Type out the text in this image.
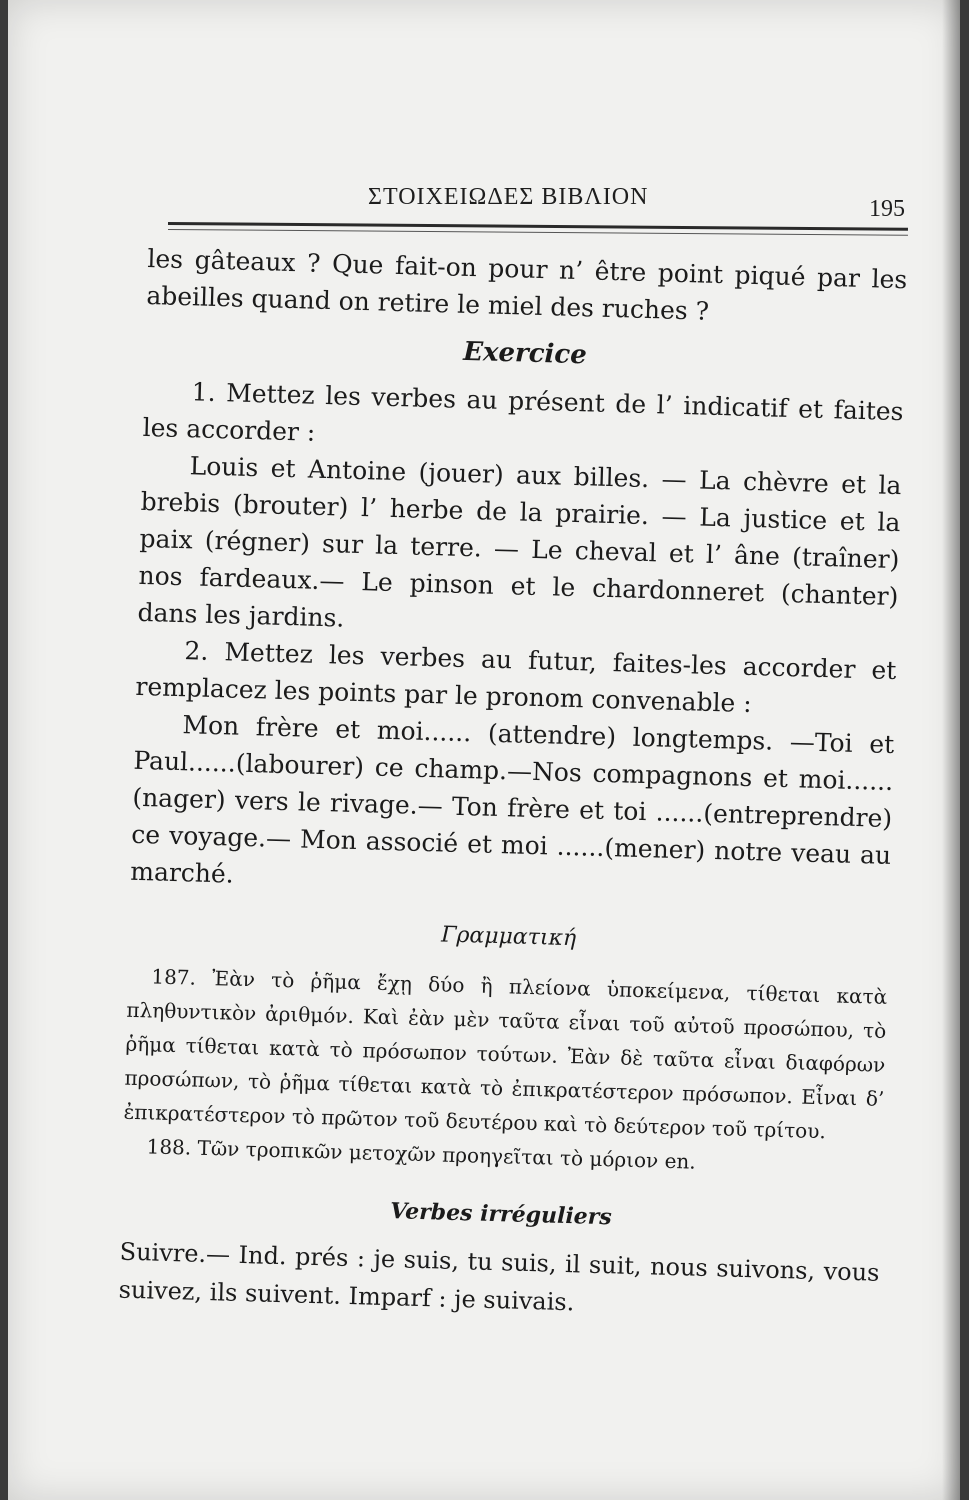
ΣΤΟΙΧΕΙΩΔΕΣ ΒΙΒΛΙΟΝ	195

les gâteaux ? Que fait-on pour n’ être point piqué par les abeilles quand on retire le miel des ruches ?

Exercice

1. Mettez les verbes au présent de l’ indicatif et faites les accorder :

Louis et Antoine (jouer) aux billes. — La chèvre et la brebis (brouter) l’ herbe de la prairie. — La justice et la paix (régner) sur la terre. — Le cheval et l’ âne (traîner) nos fardeaux.— Le pinson et le chardonneret (chanter) dans les jardins.

2. Mettez les verbes au futur, faites-les accorder et remplacez les points par le pronom convenable :

Mon frère et moi...... (attendre) longtemps. —Toi et Paul......(labourer) ce champ.—Nos compagnons et moi......(nager) vers le rivage.— Ton frère et toi ......(entreprendre) ce voyage.— Mon associé et moi ......(mener) notre veau au marché.

Γραμματική

187. Ἐὰν τὸ ῥῆμα ἔχῃ δύο ἢ πλείονα ὑποκείμενα, τίθεται κατὰ πληθυντικὸν ἀριθμόν. Καὶ ἐὰν μὲν ταῦτα εἶναι τοῦ αὐτοῦ προσώπου, τὸ ῥῆμα τίθεται κατὰ τὸ πρόσωπον τούτων. Ἐὰν δὲ ταῦτα εἶναι διαφόρων προσώπων, τὸ ῥῆμα τίθεται κατὰ τὸ ἐπικρατέστερον πρόσωπον. Εἶναι δ’ ἐπικρατέστερον τὸ πρῶτον τοῦ δευτέρου καὶ τὸ δεύτερον τοῦ τρίτου.

188. Τῶν τροπικῶν μετοχῶν προηγεῖται τὸ μόριον en.

Verbes irréguliers

Suivre.— Ind. prés : je suis, tu suis, il suit, nous suivons, vous suivez, ils suivent. Imparf : je suivais.
